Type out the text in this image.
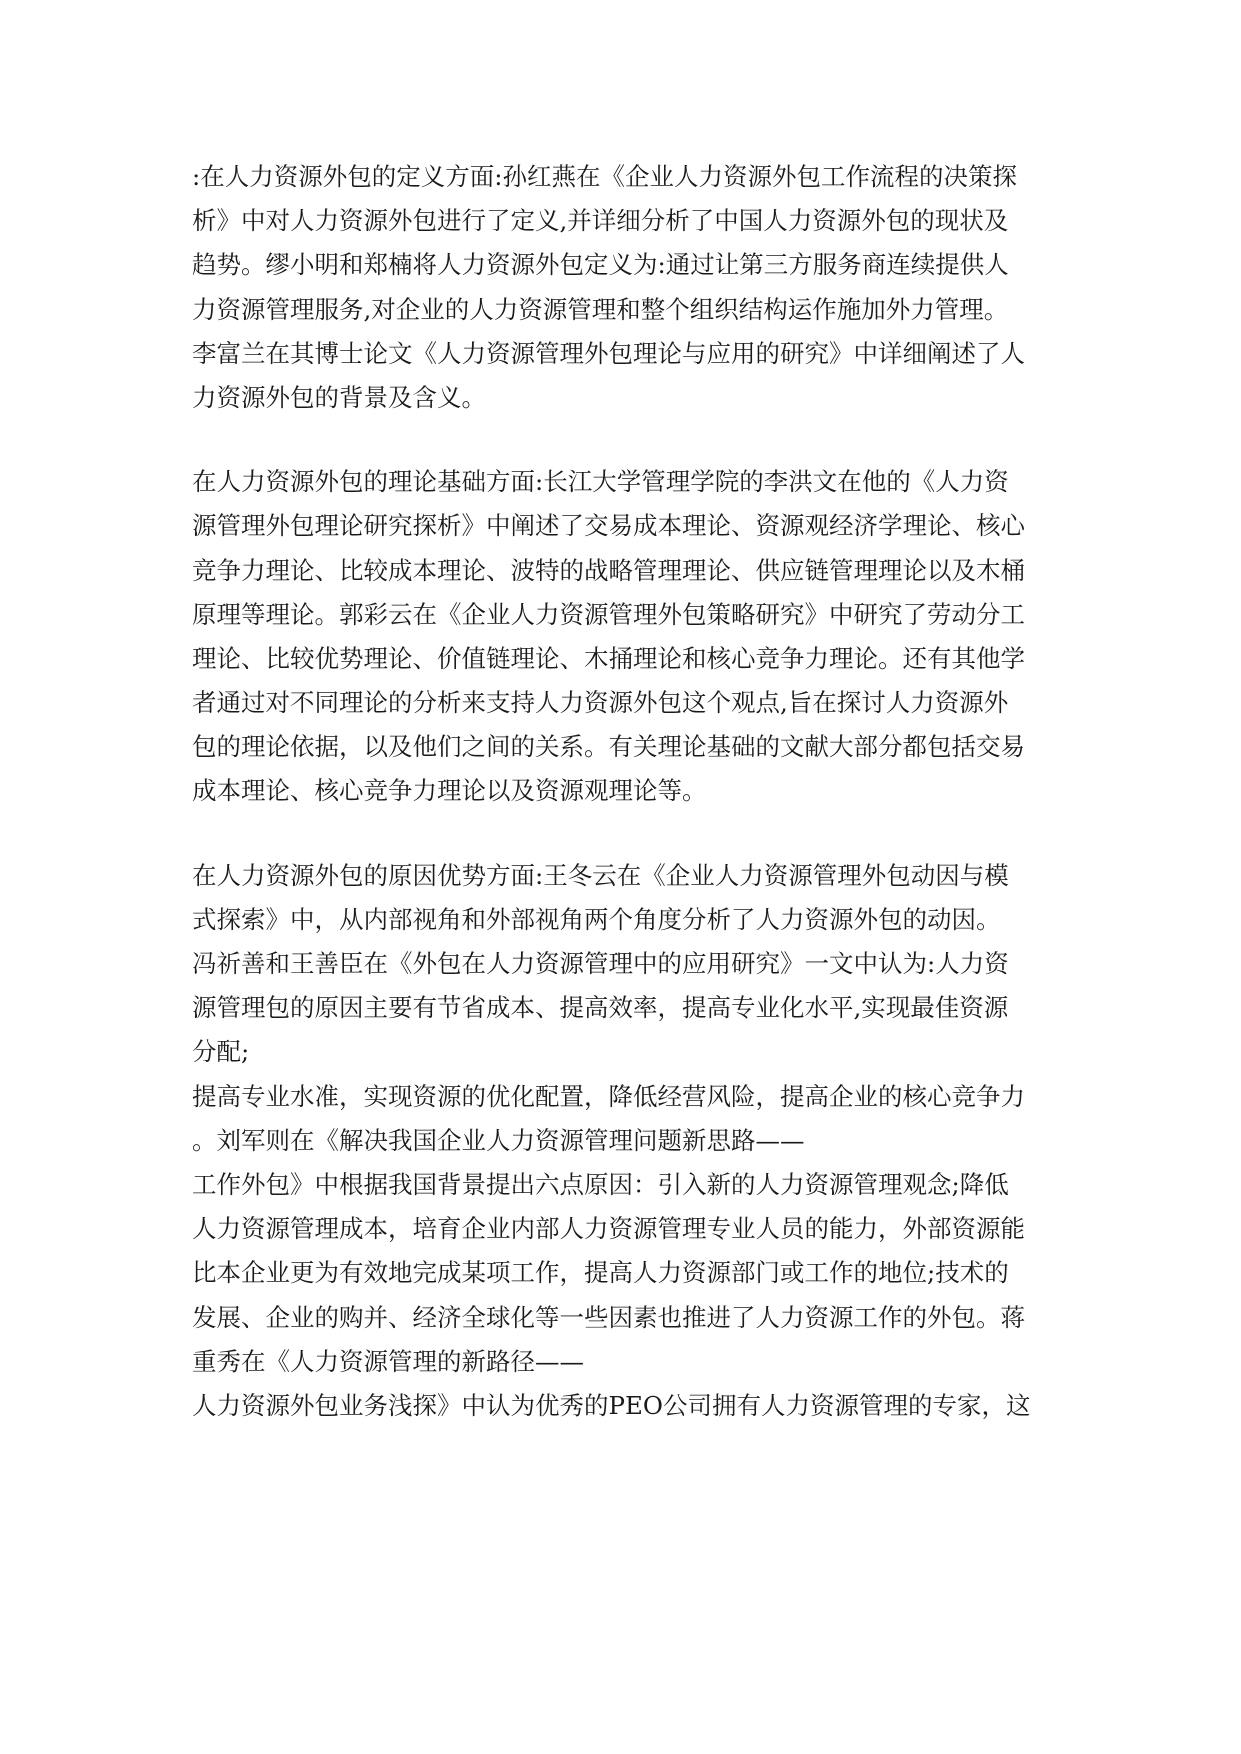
:在人力资源外包的定义方面:孙红燕在《企业人力资源外包工作流程的决策探
析》中对人力资源外包进行了定义,并详细分析了中国人力资源外包的现状及
趋势。缪小明和郑楠将人力资源外包定义为:通过让第三方服务商连续提供人
力资源管理服务,对企业的人力资源管理和整个组织结构运作施加外力管理。
李富兰在其博士论文《人力资源管理外包理论与应用的研究》中详细阐述了人
力资源外包的背景及含义。
在人力资源外包的理论基础方面:长江大学管理学院的李洪文在他的《人力资
源管理外包理论研究探析》中阐述了交易成本理论、资源观经济学理论、核心
竞争力理论、比较成本理论、波特的战略管理理论、供应链管理理论以及木桶
原理等理论。郭彩云在《企业人力资源管理外包策略研究》中研究了劳动分工
理论、比较优势理论、价值链理论、木捅理论和核心竞争力理论。还有其他学
者通过对不同理论的分析来支持人力资源外包这个观点,旨在探讨人力资源外
包的理论依据，以及他们之间的关系。有关理论基础的文献大部分都包括交易
成本理论、核心竞争力理论以及资源观理论等。
在人力资源外包的原因优势方面:王冬云在《企业人力资源管理外包动因与模
式探索》中，从内部视角和外部视角两个角度分析了人力资源外包的动因。
冯祈善和王善臣在《外包在人力资源管理中的应用研究》一文中认为:人力资
源管理包的原因主要有节省成本、提高效率，提高专业化水平,实现最佳资源
分配;
提高专业水准，实现资源的优化配置，降低经营风险，提高企业的核心竞争力
。刘军则在《解决我国企业人力资源管理问题新思路——
工作外包》中根据我国背景提出六点原因：引入新的人力资源管理观念;降低
人力资源管理成本，培育企业内部人力资源管理专业人员的能力，外部资源能
比本企业更为有效地完成某项工作，提高人力资源部门或工作的地位;技术的
发展、企业的购并、经济全球化等一些因素也推进了人力资源工作的外包。蒋
重秀在《人力资源管理的新路径——
人力资源外包业务浅探》中认为优秀的PEO公司拥有人力资源管理的专家，这
